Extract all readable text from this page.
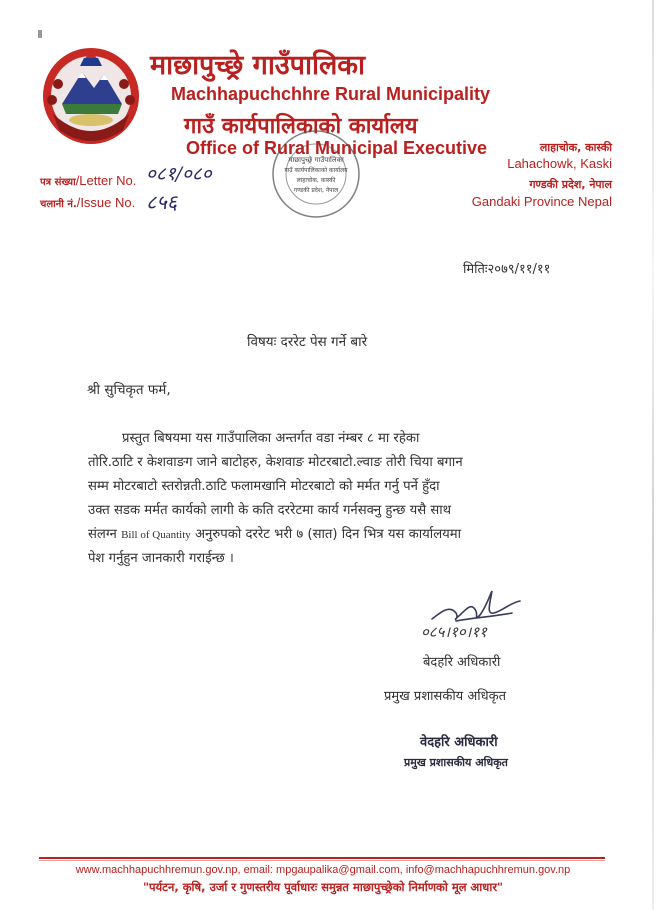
माछापुच्छ्रे गाउँपालिका
Machhapuchchhre Rural Municipality
गाउँ कार्यपालिकाको कार्यालय
Office of Rural Municipal Executive	लाहाचोक, कास्की
Lahachowk, Kaski
गण्डकी प्रदेश, नेपाल
Gandaki Province Nepal
पत्र संख्या/Letter No.
चलानी नं./Issue No.
०८१/०८०
८५६
माछापुच्छ्रे गाउँपालिका
गाउँ कार्यपालिकाको कार्यालय
लाहाचोक, कास्की
गण्डकी प्रदेश, नेपाल
मितिः२०७९/११/११
विषयः दररेट पेस गर्ने बारे
श्री सुचिकृत फर्म,
प्रस्तुत बिषयमा यस गाउँपालिका अन्तर्गत वडा नंम्बर ८ मा रहेका
तोरि.ठाटि र केशवाङग जाने बाटोहरु, केशवाङ मोटरबाटो.ल्वाङ तोरी चिया बगान
सम्म मोटरबाटो स्तरोन्नती.ठाटि फलामखानि मोटरबाटो को मर्मत गर्नु पर्ने हुँदा
उक्त सडक मर्मत कार्यको लागी के कति दररेटमा कार्य गर्नसक्नु हुन्छ यसै साथ
संलग्न Bill of Quantity अनुरुपको दररेट भरी ७ (सात) दिन भित्र यस कार्यालयमा
पेश गर्नुहुन जानकारी गराईन्छ ।
०८५।१०।११
बेदहरि अधिकारी
प्रमुख प्रशासकीय अधिकृत
वेदहरि अधिकारी
प्रमुख प्रशासकीय अधिकृत
www.machhapuchhremun.gov.np, email: mpgaupalika@gmail.com, info@machhapuchhremun.gov.np
"पर्यटन, कृषि, उर्जा र गुणस्तरीय पूर्वाधारः समुन्नत माछापुच्छ्रेको निर्माणको मूल आधार"
